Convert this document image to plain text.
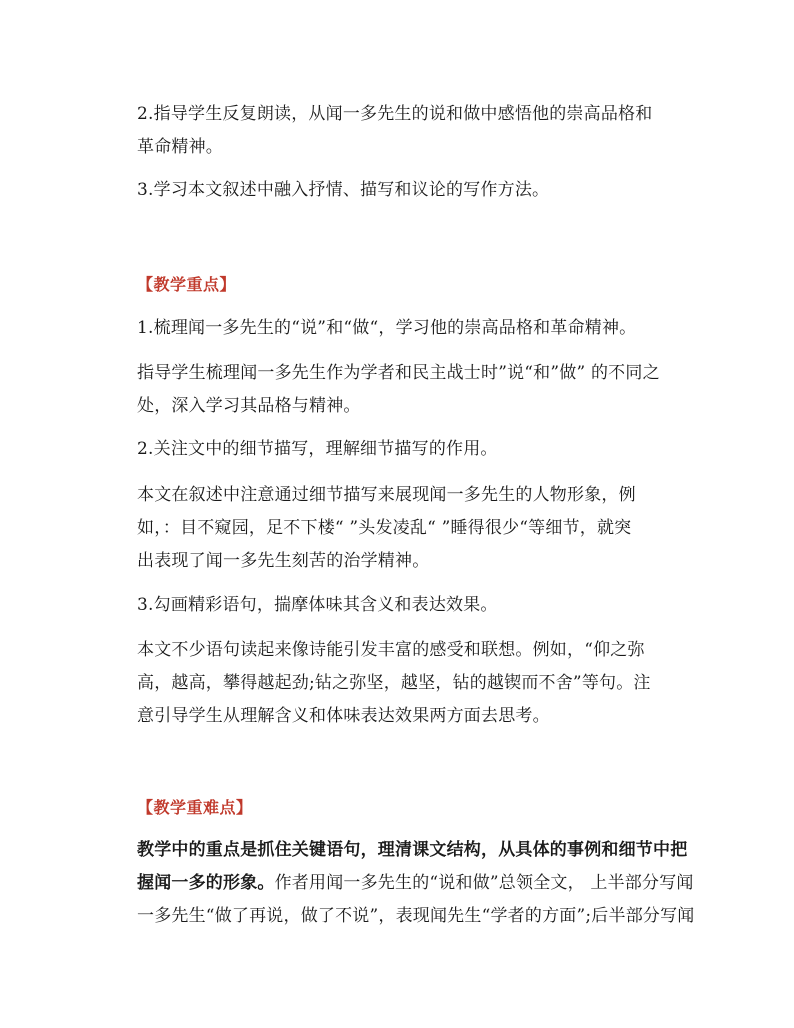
2.指导学生反复朗读，从闻一多先生的说和做中感悟他的崇高品格和
革命精神。
3.学习本文叙述中融入抒情、描写和议论的写作方法。
【教学重点】
1.梳理闻一多先生的“说”和“做“，学习他的崇高品格和革命精神。
指导学生梳理闻一多先生作为学者和民主战士时”说“和”做” 的不同之
处，深入学习其品格与精神。
2.关注文中的细节描写，理解细节描写的作用。
本文在叙述中注意通过细节描写来展现闻一多先生的人物形象，例
如，：目不窥园，足不下楼“ ”头发凌乱“ ”睡得很少“等细节，就突
出表现了闻一多先生刻苦的治学精神。
3.勾画精彩语句，揣摩体味其含义和表达效果。
本文不少语句读起来像诗能引发丰富的感受和联想。例如，“仰之弥
高，越高，攀得越起劲;钻之弥坚，越坚，钻的越锲而不舍”等句。注
意引导学生从理解含义和体味表达效果两方面去思考。
【教学重难点】
教学中的重点是抓住关键语句，理清课文结构，从具体的事例和细节中把
握闻一多的形象。作者用闻一多先生的“说和做”总领全文， 上半部分写闻
一多先生“做了再说，做了不说”，表现闻先生“学者的方面”;后半部分写闻
